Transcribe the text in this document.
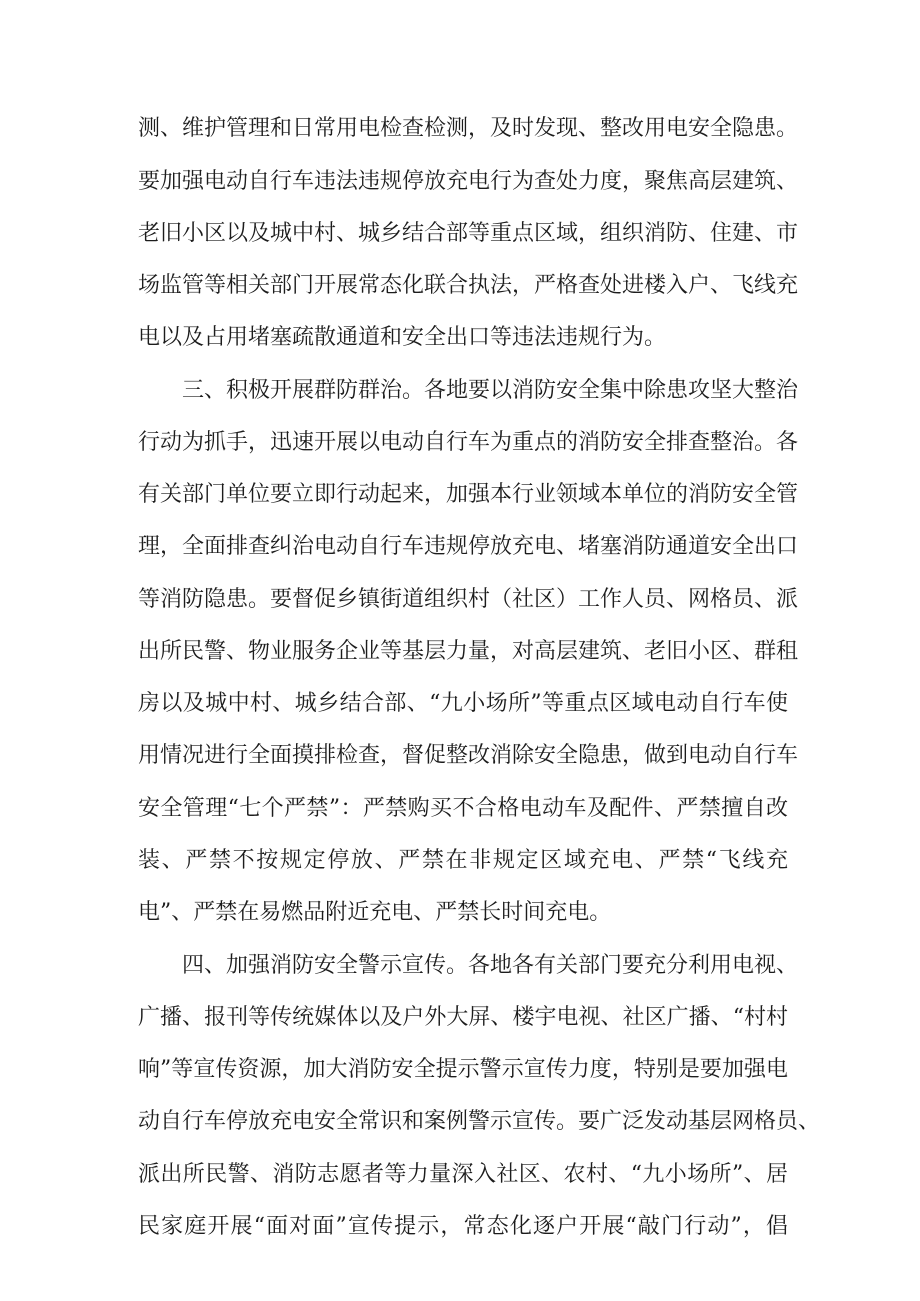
测、维护管理和日常用电检查检测，及时发现、整改用电安全隐患。
要加强电动自行车违法违规停放充电行为查处力度，聚焦高层建筑、
老旧小区以及城中村、城乡结合部等重点区域，组织消防、住建、市
场监管等相关部门开展常态化联合执法，严格查处进楼入户、飞线充
电以及占用堵塞疏散通道和安全出口等违法违规行为。
三、积极开展群防群治。各地要以消防安全集中除患攻坚大整治
行动为抓手，迅速开展以电动自行车为重点的消防安全排查整治。各
有关部门单位要立即行动起来，加强本行业领域本单位的消防安全管
理，全面排查纠治电动自行车违规停放充电、堵塞消防通道安全出口
等消防隐患。要督促乡镇街道组织村（社区）工作人员、网格员、派
出所民警、物业服务企业等基层力量，对高层建筑、老旧小区、群租
房以及城中村、城乡结合部、“九小场所”等重点区域电动自行车使
用情况进行全面摸排检查，督促整改消除安全隐患，做到电动自行车
安全管理“七个严禁”：严禁购买不合格电动车及配件、严禁擅自改
装、严禁不按规定停放、严禁在非规定区域充电、严禁“飞线充
电”、严禁在易燃品附近充电、严禁长时间充电。
四、加强消防安全警示宣传。各地各有关部门要充分利用电视、
广播、报刊等传统媒体以及户外大屏、楼宇电视、社区广播、“村村
响”等宣传资源，加大消防安全提示警示宣传力度，特别是要加强电
动自行车停放充电安全常识和案例警示宣传。要广泛发动基层网格员、
派出所民警、消防志愿者等力量深入社区、农村、“九小场所”、居
民家庭开展“面对面”宣传提示，常态化逐户开展“敲门行动”，倡
